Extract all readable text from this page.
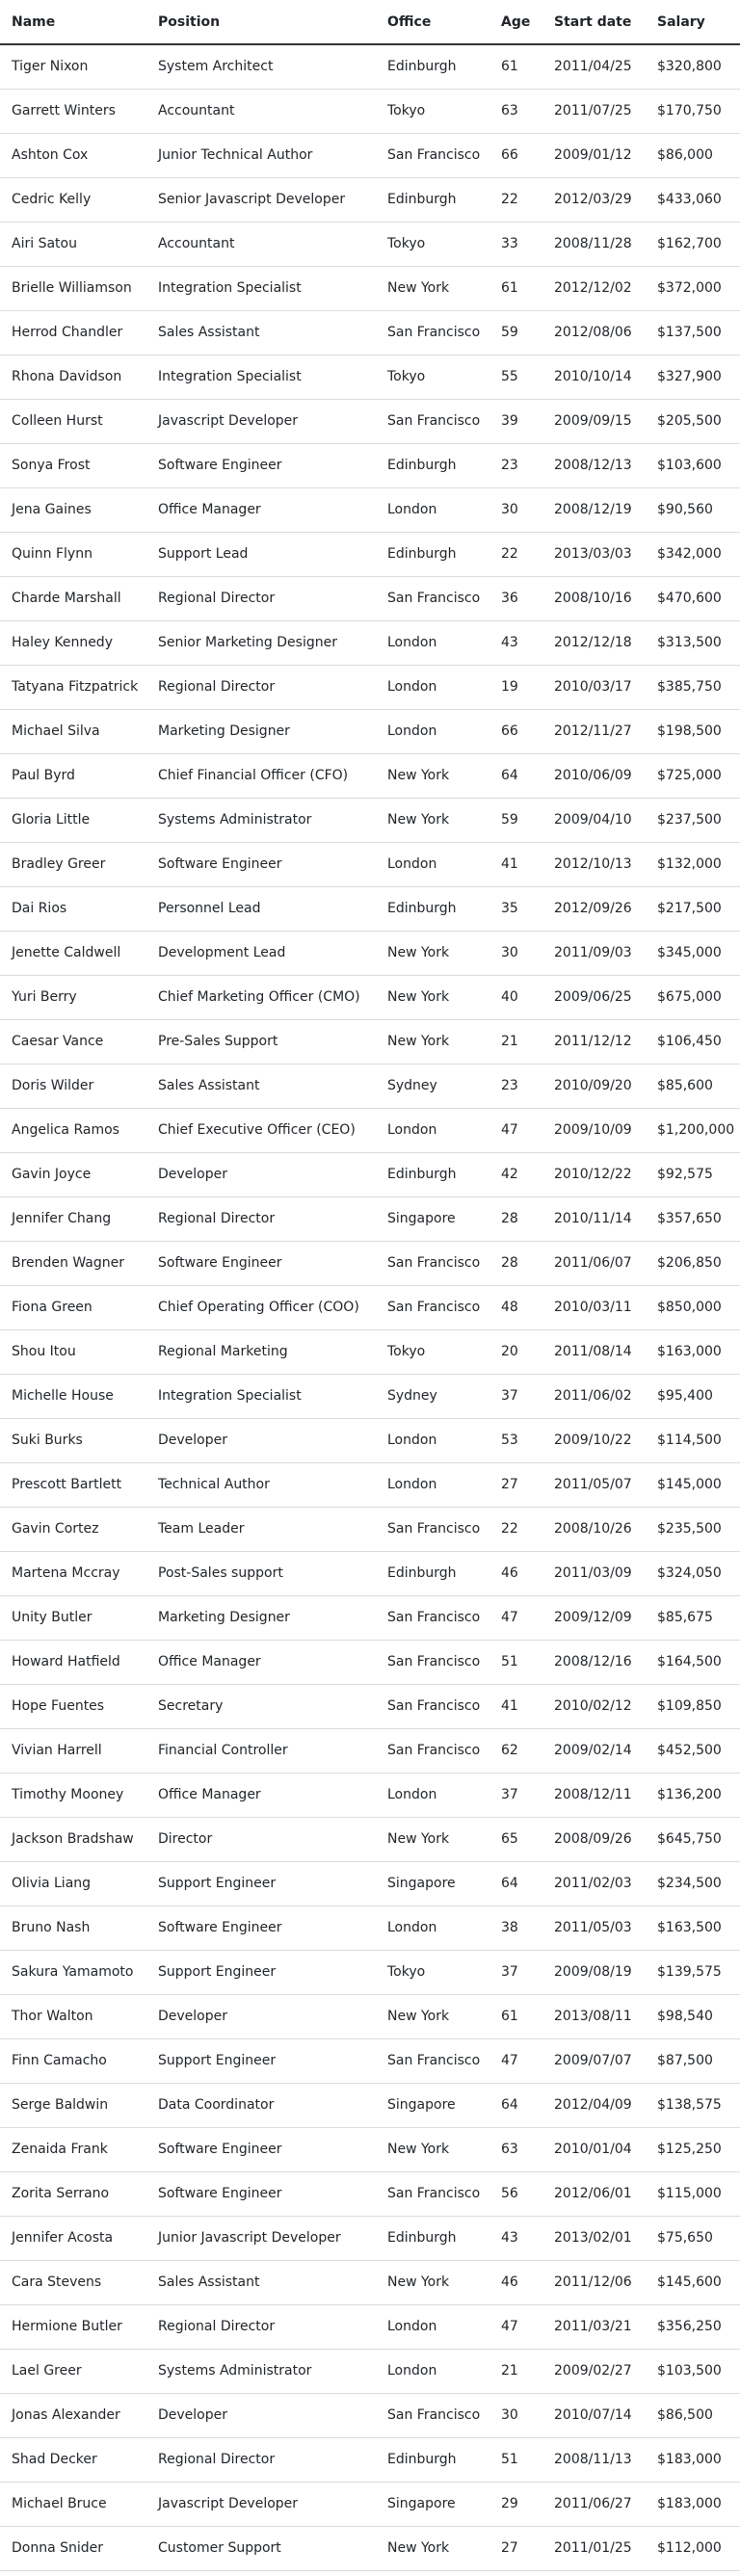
Name	Position	Office	Age	Start date	Salary
Tiger Nixon	System Architect	Edinburgh	61	2011/04/25	$320,800
Garrett Winters	Accountant	Tokyo	63	2011/07/25	$170,750
Ashton Cox	Junior Technical Author	San Francisco	66	2009/01/12	$86,000
Cedric Kelly	Senior Javascript Developer	Edinburgh	22	2012/03/29	$433,060
Airi Satou	Accountant	Tokyo	33	2008/11/28	$162,700
Brielle Williamson	Integration Specialist	New York	61	2012/12/02	$372,000
Herrod Chandler	Sales Assistant	San Francisco	59	2012/08/06	$137,500
Rhona Davidson	Integration Specialist	Tokyo	55	2010/10/14	$327,900
Colleen Hurst	Javascript Developer	San Francisco	39	2009/09/15	$205,500
Sonya Frost	Software Engineer	Edinburgh	23	2008/12/13	$103,600
Jena Gaines	Office Manager	London	30	2008/12/19	$90,560
Quinn Flynn	Support Lead	Edinburgh	22	2013/03/03	$342,000
Charde Marshall	Regional Director	San Francisco	36	2008/10/16	$470,600
Haley Kennedy	Senior Marketing Designer	London	43	2012/12/18	$313,500
Tatyana Fitzpatrick	Regional Director	London	19	2010/03/17	$385,750
Michael Silva	Marketing Designer	London	66	2012/11/27	$198,500
Paul Byrd	Chief Financial Officer (CFO)	New York	64	2010/06/09	$725,000
Gloria Little	Systems Administrator	New York	59	2009/04/10	$237,500
Bradley Greer	Software Engineer	London	41	2012/10/13	$132,000
Dai Rios	Personnel Lead	Edinburgh	35	2012/09/26	$217,500
Jenette Caldwell	Development Lead	New York	30	2011/09/03	$345,000
Yuri Berry	Chief Marketing Officer (CMO)	New York	40	2009/06/25	$675,000
Caesar Vance	Pre-Sales Support	New York	21	2011/12/12	$106,450
Doris Wilder	Sales Assistant	Sydney	23	2010/09/20	$85,600
Angelica Ramos	Chief Executive Officer (CEO)	London	47	2009/10/09	$1,200,000
Gavin Joyce	Developer	Edinburgh	42	2010/12/22	$92,575
Jennifer Chang	Regional Director	Singapore	28	2010/11/14	$357,650
Brenden Wagner	Software Engineer	San Francisco	28	2011/06/07	$206,850
Fiona Green	Chief Operating Officer (COO)	San Francisco	48	2010/03/11	$850,000
Shou Itou	Regional Marketing	Tokyo	20	2011/08/14	$163,000
Michelle House	Integration Specialist	Sydney	37	2011/06/02	$95,400
Suki Burks	Developer	London	53	2009/10/22	$114,500
Prescott Bartlett	Technical Author	London	27	2011/05/07	$145,000
Gavin Cortez	Team Leader	San Francisco	22	2008/10/26	$235,500
Martena Mccray	Post-Sales support	Edinburgh	46	2011/03/09	$324,050
Unity Butler	Marketing Designer	San Francisco	47	2009/12/09	$85,675
Howard Hatfield	Office Manager	San Francisco	51	2008/12/16	$164,500
Hope Fuentes	Secretary	San Francisco	41	2010/02/12	$109,850
Vivian Harrell	Financial Controller	San Francisco	62	2009/02/14	$452,500
Timothy Mooney	Office Manager	London	37	2008/12/11	$136,200
Jackson Bradshaw	Director	New York	65	2008/09/26	$645,750
Olivia Liang	Support Engineer	Singapore	64	2011/02/03	$234,500
Bruno Nash	Software Engineer	London	38	2011/05/03	$163,500
Sakura Yamamoto	Support Engineer	Tokyo	37	2009/08/19	$139,575
Thor Walton	Developer	New York	61	2013/08/11	$98,540
Finn Camacho	Support Engineer	San Francisco	47	2009/07/07	$87,500
Serge Baldwin	Data Coordinator	Singapore	64	2012/04/09	$138,575
Zenaida Frank	Software Engineer	New York	63	2010/01/04	$125,250
Zorita Serrano	Software Engineer	San Francisco	56	2012/06/01	$115,000
Jennifer Acosta	Junior Javascript Developer	Edinburgh	43	2013/02/01	$75,650
Cara Stevens	Sales Assistant	New York	46	2011/12/06	$145,600
Hermione Butler	Regional Director	London	47	2011/03/21	$356,250
Lael Greer	Systems Administrator	London	21	2009/02/27	$103,500
Jonas Alexander	Developer	San Francisco	30	2010/07/14	$86,500
Shad Decker	Regional Director	Edinburgh	51	2008/11/13	$183,000
Michael Bruce	Javascript Developer	Singapore	29	2011/06/27	$183,000
Donna Snider	Customer Support	New York	27	2011/01/25	$112,000
